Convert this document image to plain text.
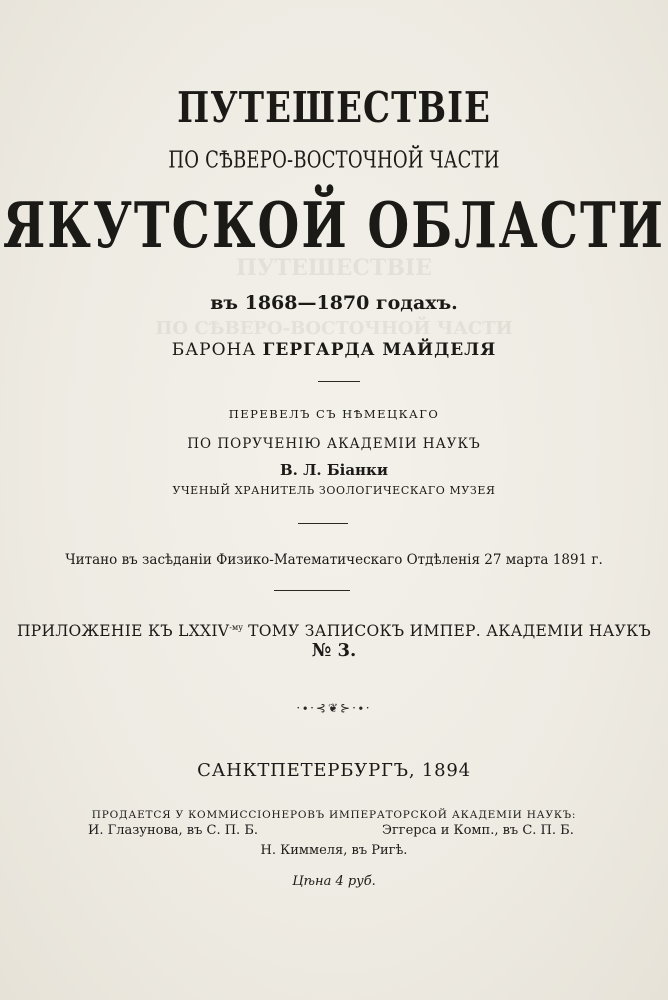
ПУТЕШЕСТВІЕ
ПО СѢВЕРО-ВОСТОЧНОЙ ЧАСТИ
ПУТЕШЕСТВІЕ
ПО СѢВЕРО-ВОСТОЧНОЙ ЧАСТИ
ЯКУТСКОЙ ОБЛАСТИ
въ 1868—1870 годахъ.
БАРОНА ГЕРГАРДА МАЙДЕЛЯ
ПЕРЕВЕЛЪ СЪ НѢМЕЦКАГО
ПО ПОРУЧЕНІЮ АКАДЕМІИ НАУКЪ
В. Л. Біанки
УЧЕНЫЙ ХРАНИТЕЛЬ ЗООЛОГИЧЕСКАГО МУЗЕЯ
Читано въ засѣданіи Физико-Математическаго Отдѣленія 27 марта 1891 г.
ПРИЛОЖЕНІЕ КЪ $LXXIV^{-му}$ ТОМУ ЗАПИСОКЪ ИМПЕР. АКАДЕМІИ НАУКЪ
№ 3.
·∙·⊰❦⊱·∙·
САНКТПЕТЕРБУРГЪ, 1894
ПРОДАЕТСЯ У КОММИССІОНЕРОВЪ ИМПЕРАТОРСКОЙ АКАДЕМІИ НАУКЪ:
И. Глазунова, въ С. П. Б.	Эггерса и Комп., въ С. П. Б.
Н. Киммеля, въ Ригѣ.
Цѣна 4 руб.
